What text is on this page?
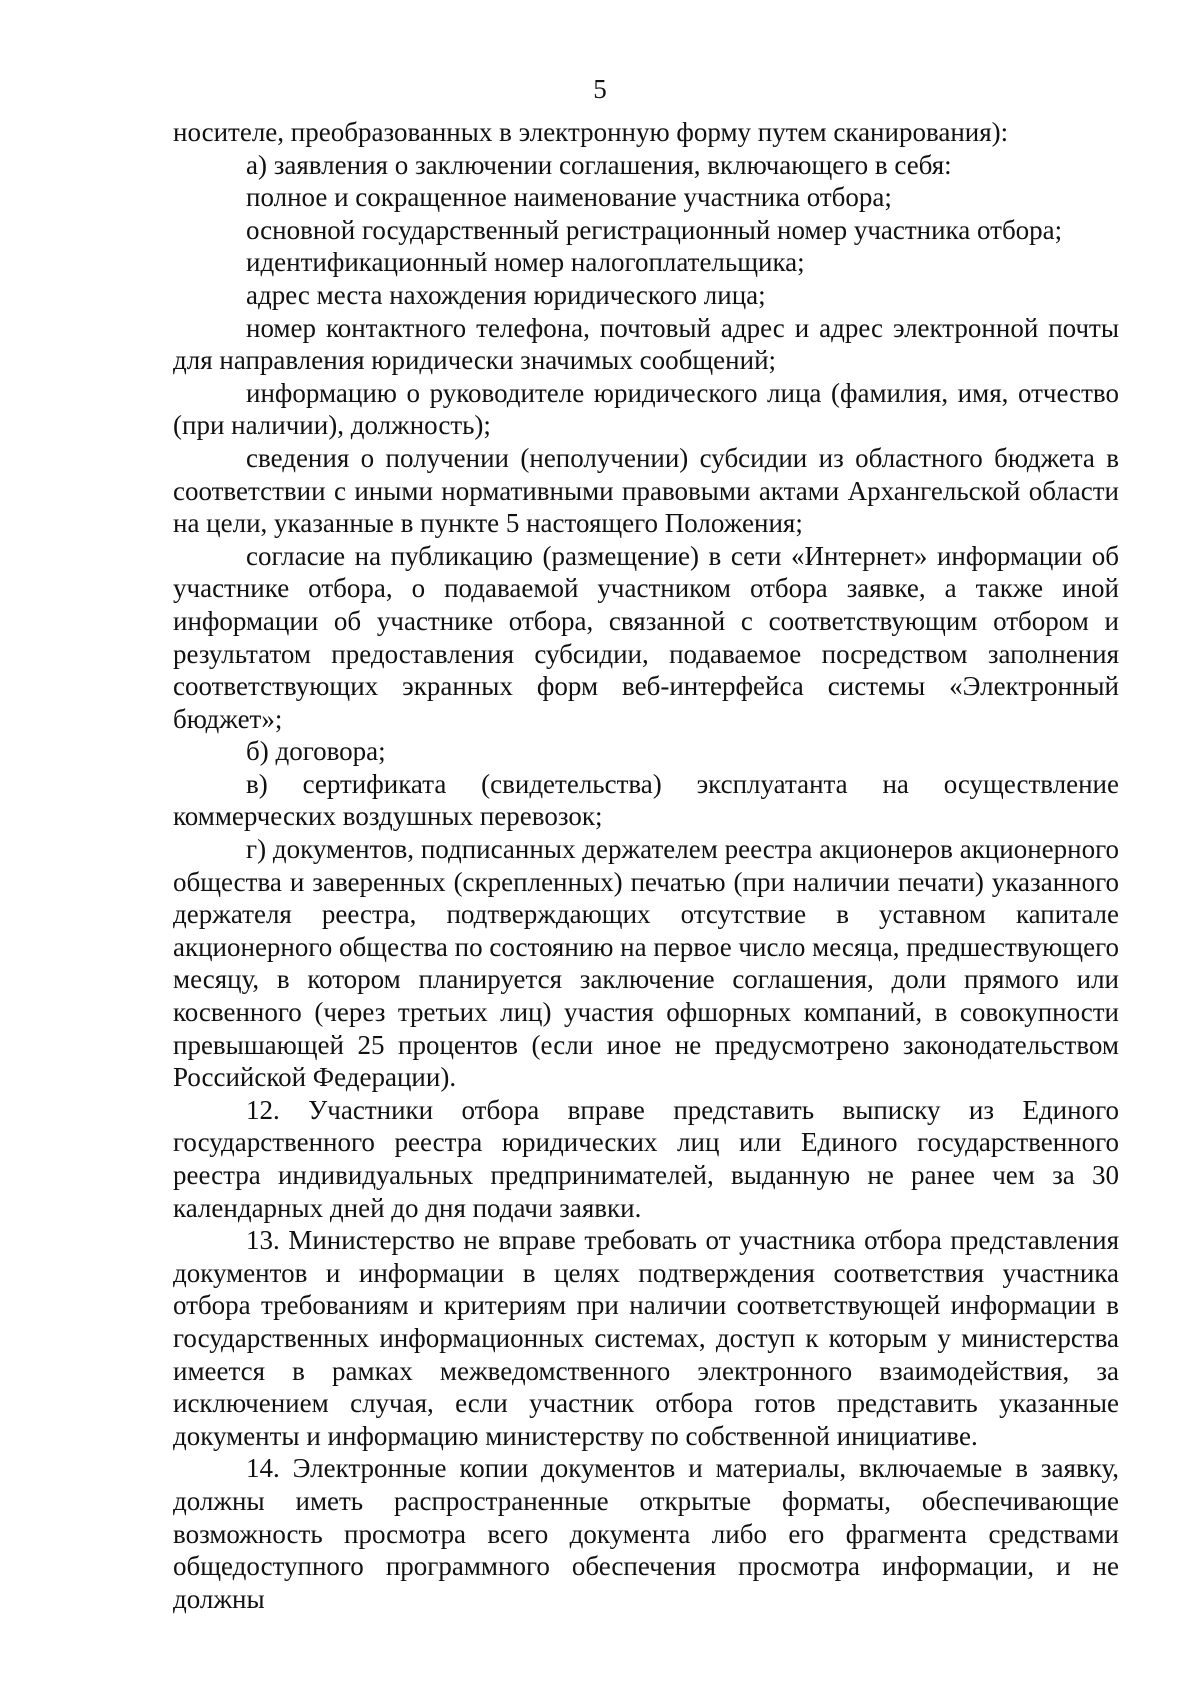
5

носителе, преобразованных в электронную форму путем сканирования):

а) заявления о заключении соглашения, включающего в себя:

полное и сокращенное наименование участника отбора;

основной государственный регистрационный номер участника отбора;

идентификационный номер налогоплательщика;

адрес места нахождения юридического лица;

номер контактного телефона, почтовый адрес и адрес электронной почты для направления юридически значимых сообщений;

информацию о руководителе юридического лица (фамилия, имя, отчество (при наличии), должность);

сведения о получении (неполучении) субсидии из областного бюджета в соответствии с иными нормативными правовыми актами Архангельской области на цели, указанные в пункте 5 настоящего Положения;

согласие на публикацию (размещение) в сети «Интернет» информации об участнике отбора, о подаваемой участником отбора заявке, а также иной информации об участнике отбора, связанной с соответствующим отбором и результатом предоставления субсидии, подаваемое посредством заполнения соответствующих экранных форм веб-интерфейса системы «Электронный бюджет»;

б) договора;

в) сертификата (свидетельства) эксплуатанта на осуществление коммерческих воздушных перевозок;

г) документов, подписанных держателем реестра акционеров акционерного общества и заверенных (скрепленных) печатью (при наличии печати) указанного держателя реестра, подтверждающих отсутствие в уставном капитале акционерного общества по состоянию на первое число месяца, предшествующего месяцу, в котором планируется заключение соглашения, доли прямого или косвенного (через третьих лиц) участия офшорных компаний, в совокупности превышающей 25 процентов (если иное не предусмотрено законодательством Российской Федерации).

12. Участники отбора вправе представить выписку из Единого государственного реестра юридических лиц или Единого государственного реестра индивидуальных предпринимателей, выданную не ранее чем за 30 календарных дней до дня подачи заявки.

13. Министерство не вправе требовать от участника отбора представления документов и информации в целях подтверждения соответствия участника отбора требованиям и критериям при наличии соответствующей информации в государственных информационных системах, доступ к которым у министерства имеется в рамках межведомственного электронного взаимодействия, за исключением случая, если участник отбора готов представить указанные документы и информацию министерству по собственной инициативе.

14. Электронные копии документов и материалы, включаемые в заявку, должны иметь распространенные открытые форматы, обеспечивающие возможность просмотра всего документа либо его фрагмента средствами общедоступного программного обеспечения просмотра информации, и не должны
